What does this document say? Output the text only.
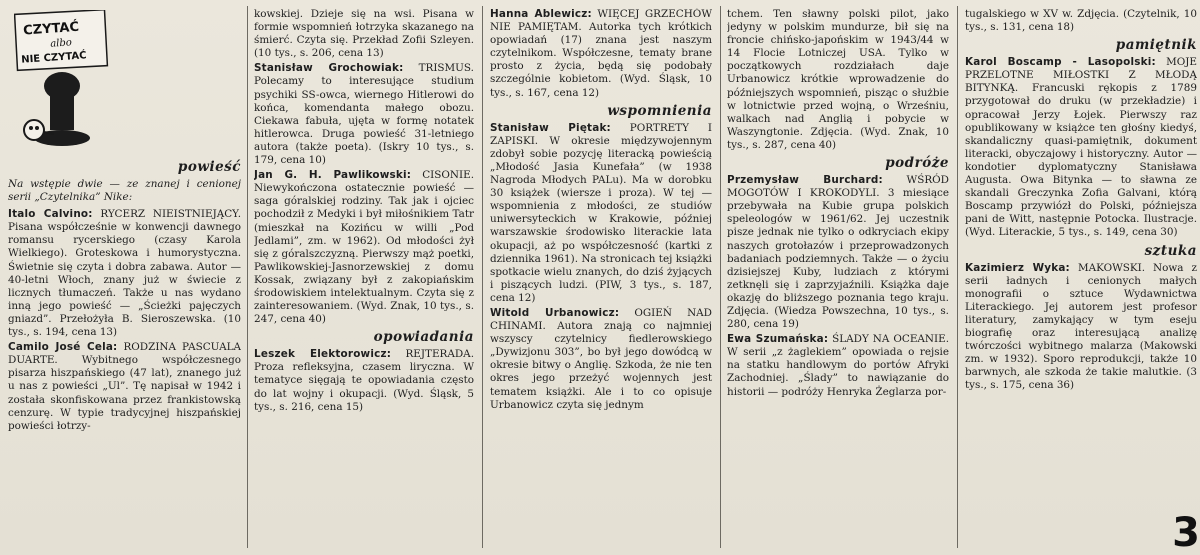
CZYTAĆ
albo
NIE CZYTAĆ
powieść

Na wstępie dwie — ze znanej i cenionej serii „Czytelnika” Nike:

Italo Calvino: RYCERZ NIEISTNIEJĄCY. Pisana współcześnie w konwencji dawnego romansu rycerskiego (czasy Karola Wielkiego). Groteskowa i humorystyczna. Świetnie się czyta i dobra zabawa. Autor — 40-letni Włoch, znany już w świecie z licznych tłumaczeń. Także u nas wydano inną jego powieść — „Ścieżki pajęczych gniazd”. Przełożyła B. Sieroszewska. (10 tys., s. 194, cena 13)

Camilo José Cela: RODZINA PASCUALA DUARTE. Wybitnego współczesnego pisarza hiszpańskiego (47 lat), znanego już u nas z powieści „Ul”. Tę napisał w 1942 i została skonfiskowana przez frankistowską cenzurę. W typie tradycyjnej hiszpańskiej powieści łotrzy-

kowskiej. Dzieje się na wsi. Pisana w formie wspomnień łotrzyka skazanego na śmierć. Czyta się. Przekład Zofii Szleyen. (10 tys., s. 206, cena 13)

Stanisław Grochowiak: TRISMUS. Polecamy to interesujące studium psychiki SS-owca, wiernego Hitlerowi do końca, komendanta małego obozu. Ciekawa fabuła, ujęta w formę notatek hitlerowca. Druga powieść 31-letniego autora (także poeta). (Iskry 10 tys., s. 179, cena 10)

Jan G. H. Pawlikowski: CISONIE. Niewykończona ostatecznie powieść — saga góralskiej rodziny. Tak jak i ojciec pochodził z Medyki i był miłośnikiem Tatr (mieszkał na Kozińcu w willi „Pod Jedlami”, zm. w 1962). Od młodości żył się z góralszczyzną. Pierwszy mąż poetki, Pawlikowskiej-Jasnorzewskiej z domu Kossak, związany był z zakopiańskim środowiskiem intelektualnym. Czyta się z zainteresowaniem. (Wyd. Znak, 10 tys., s. 247, cena 40)

opowiadania

Leszek Elektorowicz: REJTERADA. Proza refleksyjna, czasem liryczna. W tematyce sięgają te opowiadania często do lat wojny i okupacji. (Wyd. Śląsk, 5 tys., s. 216, cena 15)

Hanna Ablewicz: WIĘCEJ GRZECHÓW NIE PAMIĘTAM. Autorka tych krótkich opowiadań (17) znana jest naszym czytelnikom. Współczesne, tematy brane prosto z życia, będą się podobały szczególnie kobietom. (Wyd. Śląsk, 10 tys., s. 167, cena 12)

wspomnienia

Stanisław Piętak: PORTRETY I ZAPISKI. W okresie międzywojennym zdobył sobie pozycję literacką powieścią „Młodość Jasia Kunefała” (w 1938 Nagroda Młodych PALu). Ma w dorobku 30 książek (wiersze i proza). W tej — wspomnienia z młodości, ze studiów uniwersyteckich w Krakowie, później warszawskie środowisko literackie lata okupacji, aż po współczesność (kartki z dziennika 1961). Na stronicach tej książki spotkacie wielu znanych, do dziś żyjących i piszących ludzi. (PIW, 3 tys., s. 187, cena 12)

Witold Urbanowicz: OGIEŃ NAD CHINAMI. Autora znają co najmniej wszyscy czytelnicy fiedlerowskiego „Dywizjonu 303”, bo był jego dowódcą w okresie bitwy o Anglię. Szkoda, że nie ten okres jego przeżyć wojennych jest tematem książki. Ale i to co opisuje Urbanowicz czyta się jednym

tchem. Ten sławny polski pilot, jako jedyny w polskim mundurze, bił się na froncie chińsko-japońskim w 1943/44 w 14 Flocie Lotniczej USA. Tylko w początkowych rozdziałach daje Urbanowicz krótkie wprowadzenie do późniejszych wspomnień, pisząc o służbie w lotnictwie przed wojną, o Wrześniu, walkach nad Anglią i pobycie w Waszyngtonie. Zdjęcia. (Wyd. Znak, 10 tys., s. 287, cena 40)

podróże

Przemysław Burchard: WŚRÓD MOGOTÓW I KROKODYLI. 3 miesiące przebywała na Kubie grupa polskich speleologów w 1961/62. Jej uczestnik pisze jednak nie tylko o odkryciach ekipy naszych grotołazów i przeprowadzonych badaniach podziemnych. Także — o życiu dzisiejszej Kuby, ludziach z którymi zetknęli się i zaprzyjaźnili. Książka daje okazję do bliższego poznania tego kraju. Zdjęcia. (Wiedza Powszechna, 10 tys., s. 280, cena 19)

Ewa Szumańska: ŚLADY NA OCEANIE. W serii „z żaglekiem” opowiada o rejsie na statku handlowym do portów Afryki Zachodniej. „Ślady” to nawiązanie do historii — podróży Henryka Żeglarza por-

tugalskiego w XV w. Zdjęcia. (Czytelnik, 10 tys., s. 131, cena 18)

pamiętnik

Karol Boscamp - Lasopolski: MOJE PRZELOTNE MIŁOSTKI Z MŁODĄ BITYNKĄ. Francuski rękopis z 1789 przygotował do druku (w przekładzie) i opracował Jerzy Łojek. Pierwszy raz opublikowany w książce ten głośny kiedyś, skandaliczny quasi-pamiętnik, dokument literacki, obyczajowy i historyczny. Autor — kondotier dyplomatyczny Stanisława Augusta. Owa Bitynka — to sławna ze skandali Greczynka Zofia Galvani, którą Boscamp przywiózł do Polski, późniejsza pani de Witt, następnie Potocka. Ilustracje. (Wyd. Literackie, 5 tys., s. 149, cena 30)

sztuka

Kazimierz Wyka: MAKOWSKI. Nowa z serii ładnych i cenionych małych monografii o sztuce Wydawnictwa Literackiego. Jej autorem jest profesor literatury, zamykający w tym eseju biografię oraz interesującą analizę twórczości wybitnego malarza (Makowski zm. w 1932). Sporo reprodukcji, także 10 barwnych, ale szkoda że takie malutkie. (3 tys., s. 175, cena 36)

3
